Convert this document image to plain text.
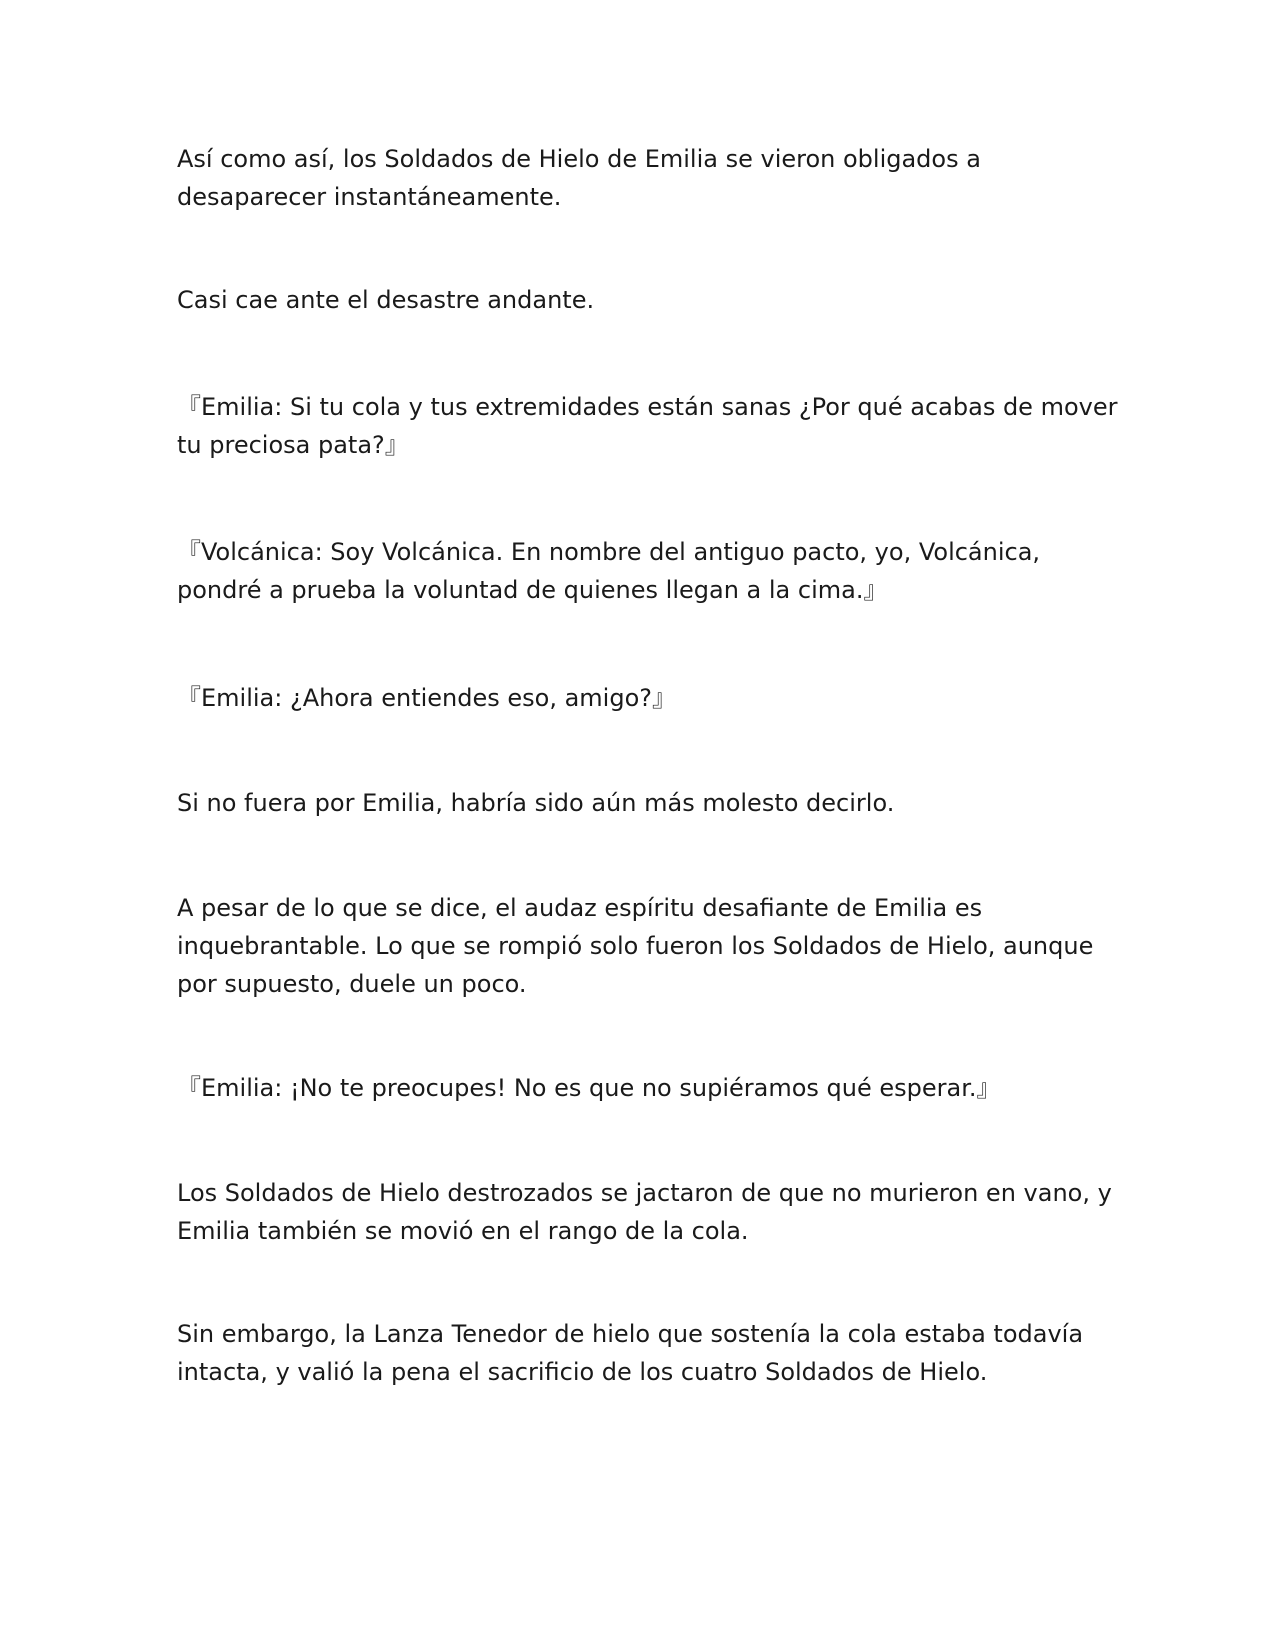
Así como así, los Soldados de Hielo de Emilia se vieron obligados a
desaparecer instantáneamente.
Casi cae ante el desastre andante.
『Emilia: Si tu cola y tus extremidades están sanas ¿Por qué acabas de mover
tu preciosa pata?』
『Volcánica: Soy Volcánica. En nombre del antiguo pacto, yo, Volcánica,
pondré a prueba la voluntad de quienes llegan a la cima.』
『Emilia: ¿Ahora entiendes eso, amigo?』
Si no fuera por Emilia, habría sido aún más molesto decirlo.
A pesar de lo que se dice, el audaz espíritu desafiante de Emilia es
inquebrantable. Lo que se rompió solo fueron los Soldados de Hielo, aunque
por supuesto, duele un poco.
『Emilia: ¡No te preocupes! No es que no supiéramos qué esperar.』
Los Soldados de Hielo destrozados se jactaron de que no murieron en vano, y
Emilia también se movió en el rango de la cola.
Sin embargo, la Lanza Tenedor de hielo que sostenía la cola estaba todavía
intacta, y valió la pena el sacrificio de los cuatro Soldados de Hielo.
